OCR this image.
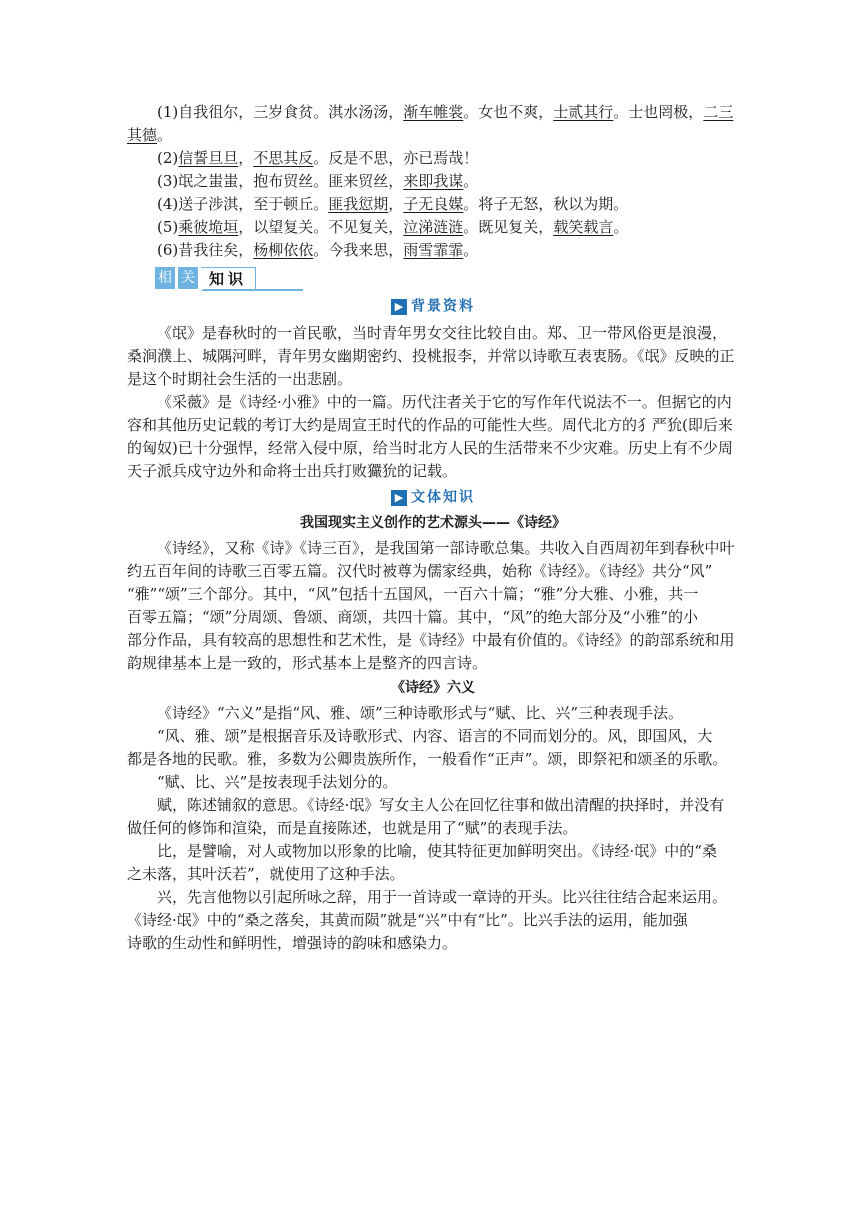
(1)自我徂尔，三岁食贫。淇水汤汤，渐车帷裳。女也不爽，士贰其行。士也罔极，二三
其德。
(2)信誓旦旦，不思其反。反是不思，亦已焉哉！
(3)氓之蚩蚩，抱布贸丝。匪来贸丝，来即我谋。
(4)送子涉淇，至于顿丘。匪我愆期，子无良媒。将子无怒，秋以为期。
(5)乘彼垝垣，以望复关。不见复关，泣涕涟涟。既见复关，载笑载言。
(6)昔我往矣，杨柳依依。今我来思，雨雪霏霏。
相 关 知识
▶ 背景资料
《氓》是春秋时的一首民歌，当时青年男女交往比较自由。郑、卫一带风俗更是浪漫，
桑涧濮上、城隅河畔，青年男女幽期密约、投桃报李，并常以诗歌互表衷肠。《氓》反映的正
是这个时期社会生活的一出悲剧。
《采薇》是《诗经·小雅》中的一篇。历代注者关于它的写作年代说法不一。但据它的内
容和其他历史记载的考订大约是周宣王时代的作品的可能性大些。周代北方的犭严狁(即后来
的匈奴)已十分强悍，经常入侵中原，给当时北方人民的生活带来不少灾难。历史上有不少周
天子派兵戍守边外和命将士出兵打败玁狁的记载。
▶ 文体知识
我国现实主义创作的艺术源头——《诗经》
《诗经》，又称《诗》《诗三百》，是我国第一部诗歌总集。共收入自西周初年到春秋中叶
约五百年间的诗歌三百零五篇。汉代时被尊为儒家经典，始称《诗经》。《诗经》共分“风”
“雅”“颂”三个部分。其中，“风”包括十五国风，一百六十篇；“雅”分大雅、小雅，共一
百零五篇；“颂”分周颂、鲁颂、商颂，共四十篇。其中，“风”的绝大部分及“小雅”的小
部分作品，具有较高的思想性和艺术性，是《诗经》中最有价值的。《诗经》的韵部系统和用
韵规律基本上是一致的，形式基本上是整齐的四言诗。
《诗经》六义
《诗经》“六义”是指“风、雅、颂”三种诗歌形式与“赋、比、兴”三种表现手法。
“风、雅、颂”是根据音乐及诗歌形式、内容、语言的不同而划分的。风，即国风，大
都是各地的民歌。雅，多数为公卿贵族所作，一般看作“正声”。颂，即祭祀和颂圣的乐歌。
“赋、比、兴”是按表现手法划分的。
赋，陈述铺叙的意思。《诗经·氓》写女主人公在回忆往事和做出清醒的抉择时，并没有
做任何的修饰和渲染，而是直接陈述，也就是用了“赋”的表现手法。
比，是譬喻，对人或物加以形象的比喻，使其特征更加鲜明突出。《诗经·氓》中的“桑
之未落，其叶沃若”，就使用了这种手法。
兴，先言他物以引起所咏之辞，用于一首诗或一章诗的开头。比兴往往结合起来运用。
《诗经·氓》中的“桑之落矣，其黄而陨”就是“兴”中有“比”。比兴手法的运用，能加强
诗歌的生动性和鲜明性，增强诗的韵味和感染力。
